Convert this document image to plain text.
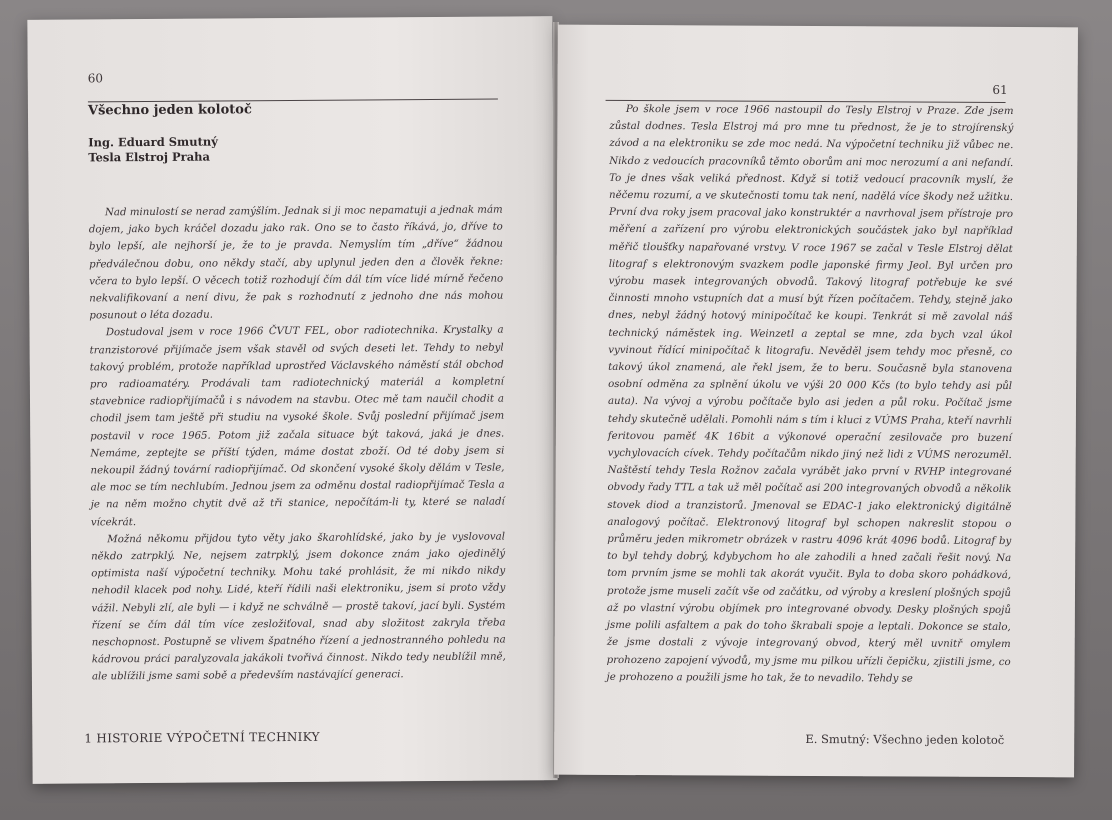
60
Všechno jeden kolotoč
Ing. Eduard Smutný
Tesla Elstroj Praha

Nad minulostí se nerad zamýšlím. Jednak si ji moc nepamatuji a jednak mám dojem, jako bych kráčel dozadu jako rak. Ono se to často říkává, jo, dříve to bylo lepší, ale nejhorší je, že to je pravda. Nemyslím tím „dříve“ žádnou předválečnou dobu, ono někdy stačí, aby uplynul jeden den a člověk řekne: včera to bylo lepší. O věcech totiž rozhodují čím dál tím více lidé mírně řečeno nekvalifikovaní a není divu, že pak s rozhodnutí z jednoho dne nás mohou posunout o léta dozadu.

Dostudoval jsem v roce 1966 ČVUT FEL, obor radiotechnika. Krystalky a tranzistorové přijímače jsem však stavěl od svých deseti let. Tehdy to nebyl takový problém, protože například uprostřed Václavského náměstí stál obchod pro radioamatéry. Prodávali tam radiotechnický materiál a kompletní stavebnice radiopřijímačů i s návodem na stavbu. Otec mě tam naučil chodit a chodil jsem tam ještě při studiu na vysoké škole. Svůj poslední přijímač jsem postavil v roce 1965. Potom již začala situace být taková, jaká je dnes. Nemáme, zeptejte se příští týden, máme dostat zboží. Od té doby jsem si nekoupil žádný tovární radiopřijímač. Od skončení vysoké školy dělám v Tesle, ale moc se tím nechlubím. Jednou jsem za odměnu dostal radiopřijímač Tesla a je na něm možno chytit dvě až tři stanice, nepočítám-li ty, které se naladí vícekrát.

Možná někomu přijdou tyto věty jako škarohlídské, jako by je vyslovoval někdo zatrpklý. Ne, nejsem zatrpklý, jsem dokonce znám jako ojedinělý optimista naší výpočetní techniky. Mohu také prohlásit, že mi nikdo nikdy nehodil klacek pod nohy. Lidé, kteří řídili naši elektroniku, jsem si proto vždy vážil. Nebyli zlí, ale byli — i když ne schválně — prostě takoví, jací byli. Systém řízení se čím dál tím více zesložiťoval, snad aby složitost zakryla třeba neschopnost. Postupně se vlivem špatného řízení a jednostranného pohledu na kádrovou práci paralyzovala jakákoli tvořivá činnost. Nikdo tedy neublížil mně, ale ublížili jsme sami sobě a především nastávající generaci.

1 HISTORIE VÝPOČETNÍ TECHNIKY
61

Po škole jsem v roce 1966 nastoupil do Tesly Elstroj v Praze. Zde jsem zůstal dodnes. Tesla Elstroj má pro mne tu přednost, že je to strojírenský závod a na elektroniku se zde moc nedá. Na výpočetní techniku již vůbec ne. Nikdo z vedoucích pracovníků těmto oborům ani moc nerozumí a ani nefandí. To je dnes však veliká přednost. Když si totiž vedoucí pracovník myslí, že něčemu rozumí, a ve skutečnosti tomu tak není, nadělá více škody než užitku. První dva roky jsem pracoval jako konstruktér a navrhoval jsem přístroje pro měření a zařízení pro výrobu elektronických součástek jako byl například měřič tloušťky napařované vrstvy. V roce 1967 se začal v Tesle Elstroj dělat litograf s elektronovým svazkem podle japonské firmy Jeol. Byl určen pro výrobu masek integrovaných obvodů. Takový litograf potřebuje ke své činnosti mnoho vstupních dat a musí být řízen počítačem. Tehdy, stejně jako dnes, nebyl žádný hotový minipočítač ke koupi. Tenkrát si mě zavolal náš technický náměstek ing. Weinzetl a zeptal se mne, zda bych vzal úkol vyvinout řídící minipočítač k litografu. Nevěděl jsem tehdy moc přesně, co takový úkol znamená, ale řekl jsem, že to beru. Současně byla stanovena osobní odměna za splnění úkolu ve výši 20 000 Kčs (to bylo tehdy asi půl auta). Na vývoj a výrobu počítače bylo asi jeden a půl roku. Počítač jsme tehdy skutečně udělali. Pomohli nám s tím i kluci z VÚMS Praha, kteří navrhli feritovou paměť 4K 16bit a výkonové operační zesilovače pro buzení vychylovacích cívek. Tehdy počítačům nikdo jiný než lidi z VÚMS nerozuměl. Naštěstí tehdy Tesla Rožnov začala vyrábět jako první v RVHP integrované obvody řady TTL a tak už měl počítač asi 200 integrovaných obvodů a několik stovek diod a tranzistorů. Jmenoval se EDAC-1 jako elektronický digitálně analogový počítač. Elektronový litograf byl schopen nakreslit stopou o průměru jeden mikrometr obrázek v rastru 4096 krát 4096 bodů. Litograf by to byl tehdy dobrý, kdybychom ho ale zahodili a hned začali řešit nový. Na tom prvním jsme se mohli tak akorát vyučit. Byla to doba skoro pohádková, protože jsme museli začít vše od začátku, od výroby a kreslení plošných spojů až po vlastní výrobu objímek pro integrované obvody. Desky plošných spojů jsme polili asfaltem a pak do toho škrabali spoje a leptali. Dokonce se stalo, že jsme dostali z vývoje integrovaný obvod, který měl uvnitř omylem prohozeno zapojení vývodů, my jsme mu pilkou uřízli čepičku, zjistili jsme, co je prohozeno a použili jsme ho tak, že to nevadilo. Tehdy se

E. Smutný: Všechno jeden kolotoč
